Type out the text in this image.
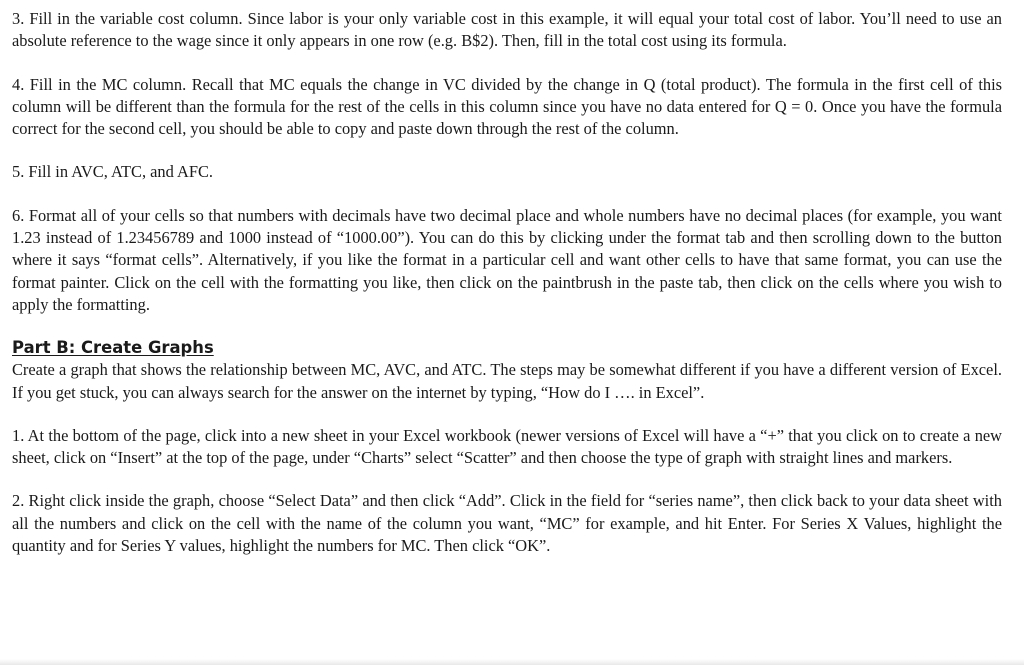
3. Fill in the variable cost column. Since labor is your only variable cost in this example, it will equal your total cost of labor. You’ll need to use an absolute reference to the wage since it only appears in one row (e.g. B$2). Then, fill in the total cost using its formula.

4. Fill in the MC column. Recall that MC equals the change in VC divided by the change in Q (total product). The formula in the first cell of this column will be different than the formula for the rest of the cells in this column since you have no data entered for Q = 0. Once you have the formula correct for the second cell, you should be able to copy and paste down through the rest of the column.

5. Fill in AVC, ATC, and AFC.

6. Format all of your cells so that numbers with decimals have two decimal place and whole numbers have no decimal places (for example, you want 1.23 instead of 1.23456789 and 1000 instead of “1000.00”). You can do this by clicking under the format tab and then scrolling down to the button where it says “format cells”. Alternatively, if you like the format in a particular cell and want other cells to have that same format, you can use the format painter. Click on the cell with the formatting you like, then click on the paintbrush in the paste tab, then click on the cells where you wish to apply the formatting.

Part B: Create Graphs

Create a graph that shows the relationship between MC, AVC, and ATC. The steps may be somewhat different if you have a different version of Excel. If you get stuck, you can always search for the answer on the internet by typing, “How do I …. in Excel”.

1. At the bottom of the page, click into a new sheet in your Excel workbook (newer versions of Excel will have a “+” that you click on to create a new sheet, click on “Insert” at the top of the page, under “Charts” select “Scatter” and then choose the type of graph with straight lines and markers.

2. Right click inside the graph, choose “Select Data” and then click “Add”. Click in the field for “series name”, then click back to your data sheet with all the numbers and click on the cell with the name of the column you want, “MC” for example, and hit Enter. For Series X Values, highlight the quantity and for Series Y values, highlight the numbers for MC. Then click “OK”.
